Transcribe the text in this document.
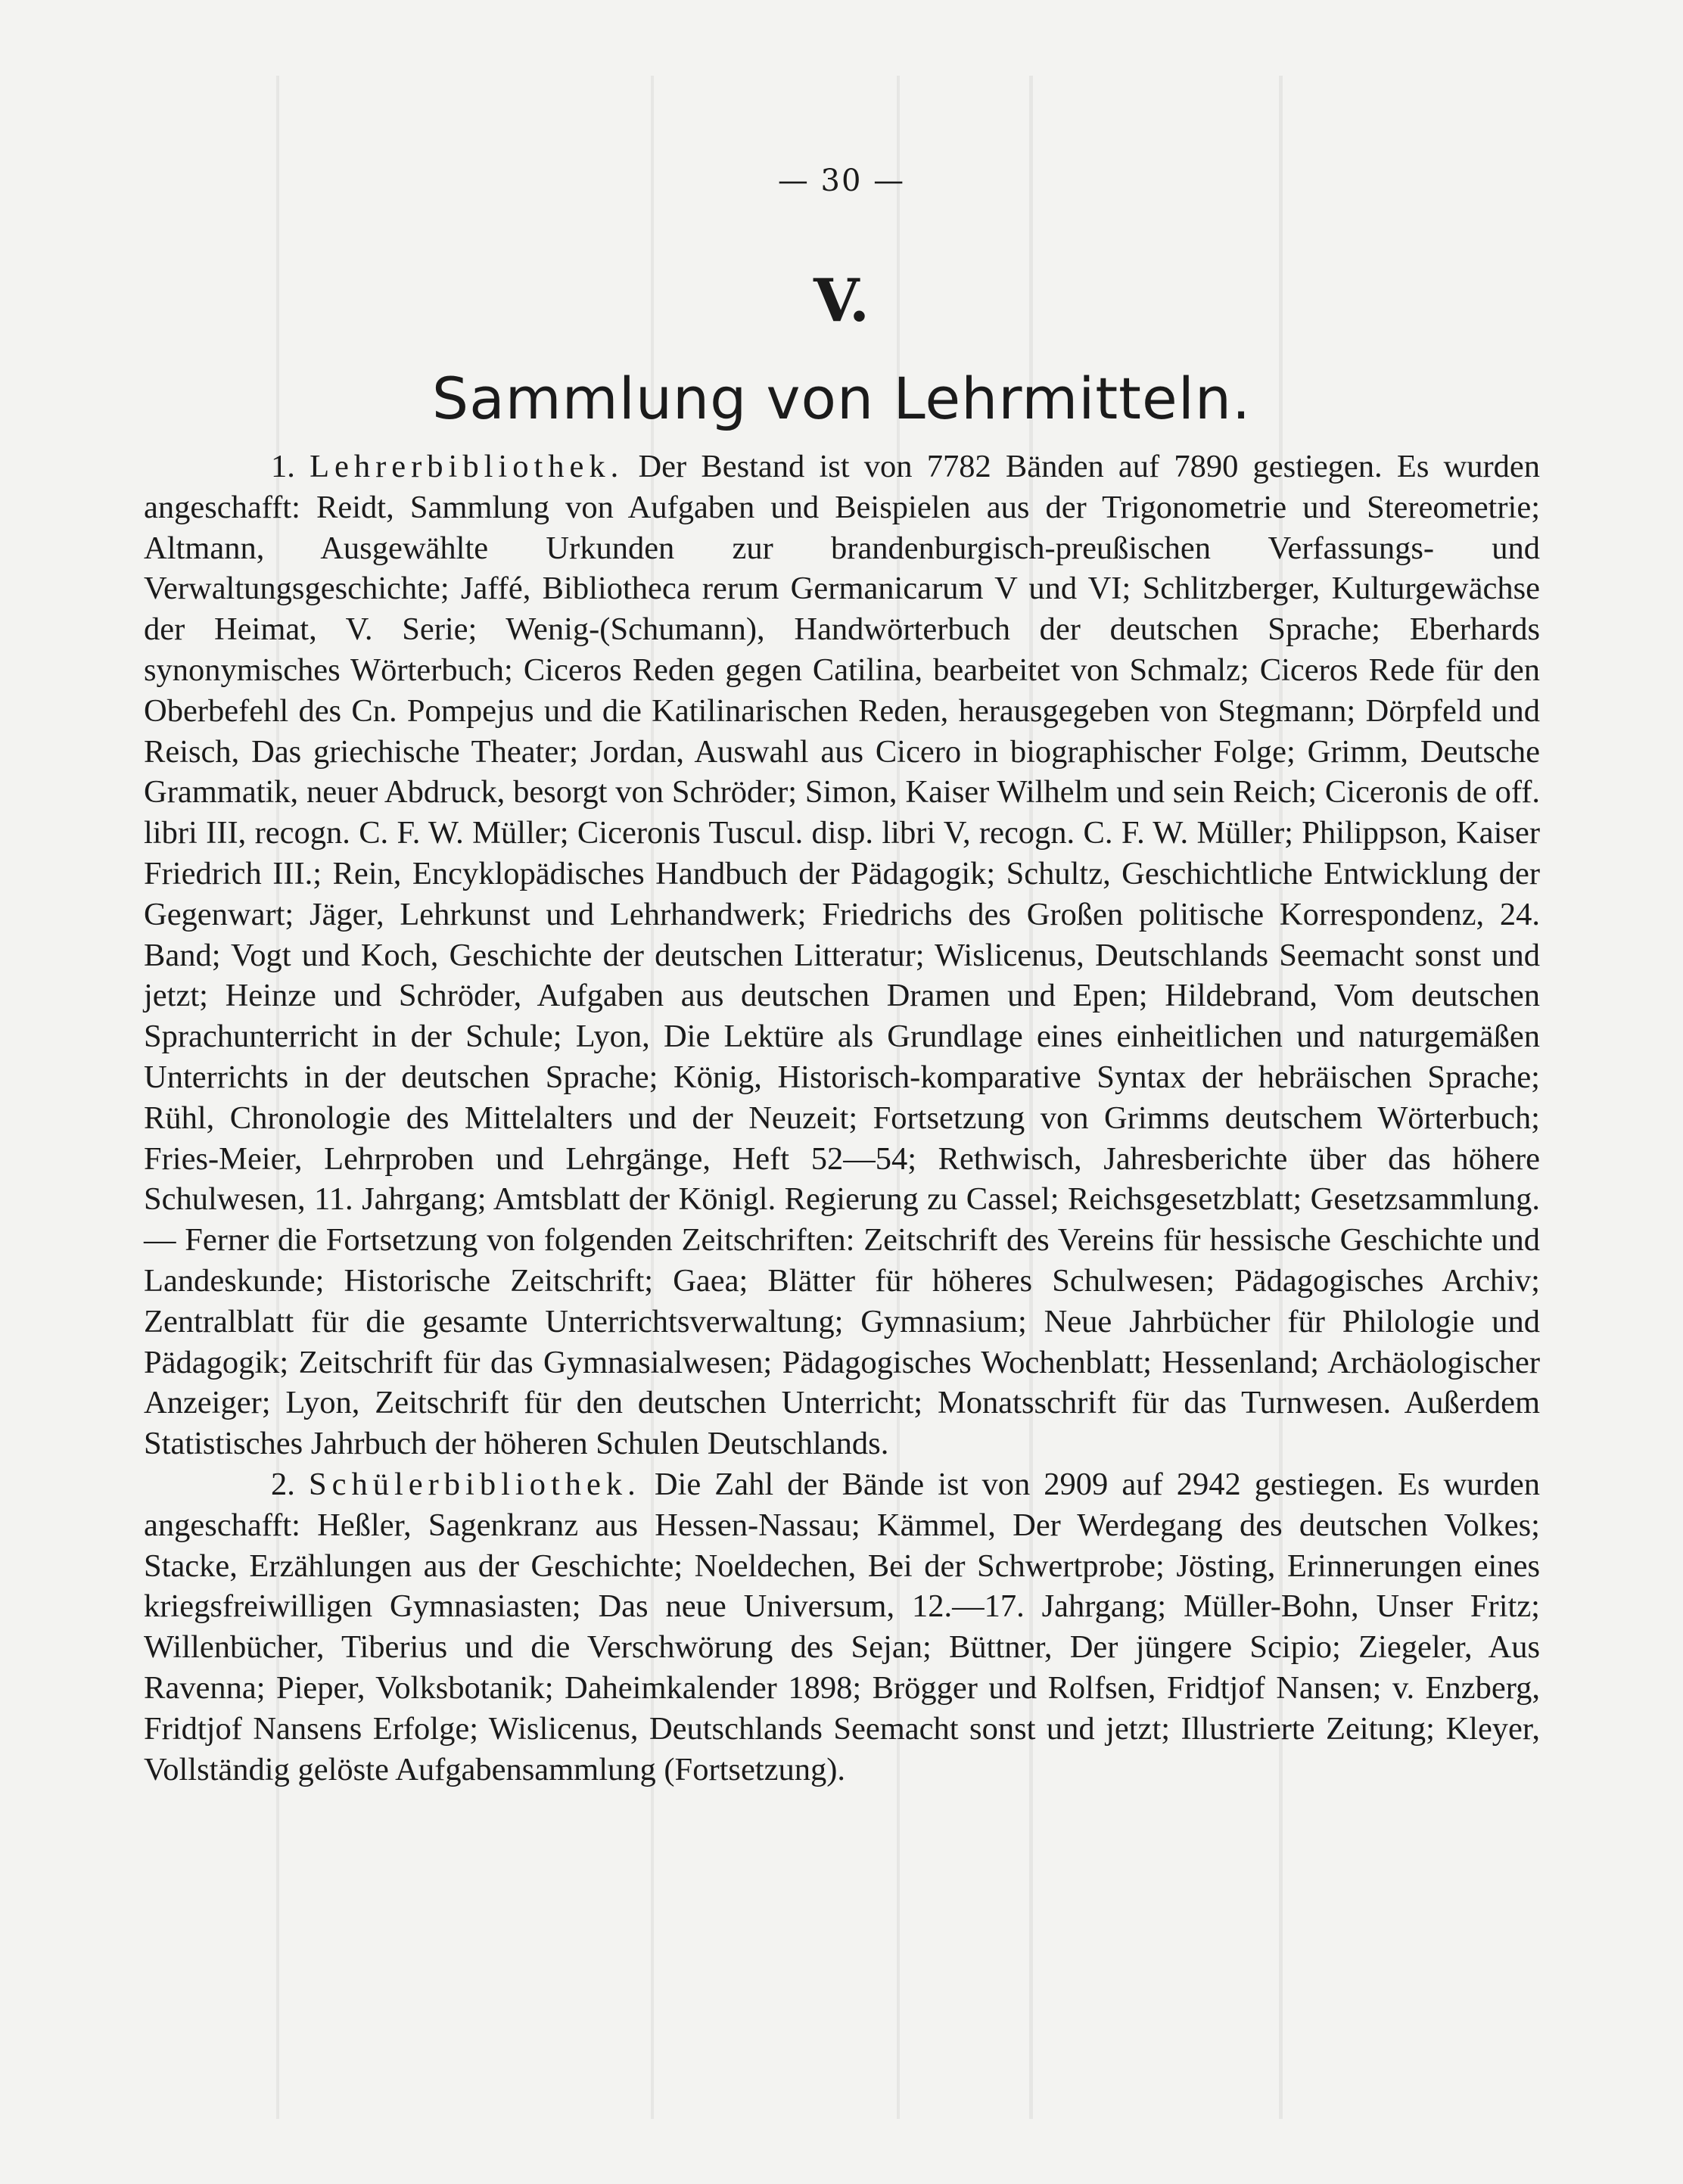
— 30 —
V.
Sammlung von Lehrmitteln.

1. Lehrerbibliothek. Der Bestand ist von 7782 Bänden auf 7890 gestiegen. Es wurden angeschafft: Reidt, Sammlung von Aufgaben und Beispielen aus der Trigonometrie und Stereometrie; Altmann, Ausgewählte Urkunden zur brandenburgisch-preußischen Verfassungs- und Verwaltungsgeschichte; Jaffé, Bibliotheca rerum Germanicarum V und VI; Schlitzberger, Kulturgewächse der Heimat, V. Serie; Wenig-(Schumann), Handwörterbuch der deutschen Sprache; Eberhards synonymisches Wörterbuch; Ciceros Reden gegen Catilina, bearbeitet von Schmalz; Ciceros Rede für den Oberbefehl des Cn. Pompejus und die Katilinarischen Reden, herausgegeben von Stegmann; Dörpfeld und Reisch, Das griechische Theater; Jordan, Auswahl aus Cicero in biographischer Folge; Grimm, Deutsche Grammatik, neuer Abdruck, besorgt von Schröder; Simon, Kaiser Wilhelm und sein Reich; Ciceronis de off. libri III, recogn. C. F. W. Müller; Ciceronis Tuscul. disp. libri V, recogn. C. F. W. Müller; Philippson, Kaiser Friedrich III.; Rein, Encyklopädisches Handbuch der Pädagogik; Schultz, Geschichtliche Entwicklung der Gegenwart; Jäger, Lehrkunst und Lehrhandwerk; Friedrichs des Großen politische Korrespondenz, 24. Band; Vogt und Koch, Geschichte der deutschen Litteratur; Wislicenus, Deutschlands Seemacht sonst und jetzt; Heinze und Schröder, Aufgaben aus deutschen Dramen und Epen; Hildebrand, Vom deutschen Sprachunterricht in der Schule; Lyon, Die Lektüre als Grundlage eines einheitlichen und naturgemäßen Unterrichts in der deutschen Sprache; König, Historisch-komparative Syntax der hebräischen Sprache; Rühl, Chronologie des Mittelalters und der Neuzeit; Fortsetzung von Grimms deutschem Wörterbuch; Fries-Meier, Lehrproben und Lehrgänge, Heft 52—54; Rethwisch, Jahresberichte über das höhere Schulwesen, 11. Jahrgang; Amtsblatt der Königl. Regierung zu Cassel; Reichsgesetzblatt; Gesetzsammlung. — Ferner die Fortsetzung von folgenden Zeitschriften: Zeitschrift des Vereins für hessische Geschichte und Landeskunde; Historische Zeitschrift; Gaea; Blätter für höheres Schulwesen; Pädagogisches Archiv; Zentralblatt für die gesamte Unterrichtsverwaltung; Gymnasium; Neue Jahrbücher für Philologie und Pädagogik; Zeitschrift für das Gymnasialwesen; Pädagogisches Wochenblatt; Hessenland; Archäologischer Anzeiger; Lyon, Zeitschrift für den deutschen Unterricht; Monatsschrift für das Turnwesen. Außerdem Statistisches Jahrbuch der höheren Schulen Deutschlands.

2. Schülerbibliothek. Die Zahl der Bände ist von 2909 auf 2942 gestiegen. Es wurden angeschafft: Heßler, Sagenkranz aus Hessen-Nassau; Kämmel, Der Werdegang des deutschen Volkes; Stacke, Erzählungen aus der Geschichte; Noeldechen, Bei der Schwertprobe; Jösting, Erinnerungen eines kriegsfreiwilligen Gymnasiasten; Das neue Universum, 12.—17. Jahrgang; Müller-Bohn, Unser Fritz; Willenbücher, Tiberius und die Verschwörung des Sejan; Büttner, Der jüngere Scipio; Ziegeler, Aus Ravenna; Pieper, Volksbotanik; Daheimkalender 1898; Brögger und Rolfsen, Fridtjof Nansen; v. Enzberg, Fridtjof Nansens Erfolge; Wislicenus, Deutschlands Seemacht sonst und jetzt; Illustrierte Zeitung; Kleyer, Vollständig gelöste Aufgabensammlung (Fortsetzung).
